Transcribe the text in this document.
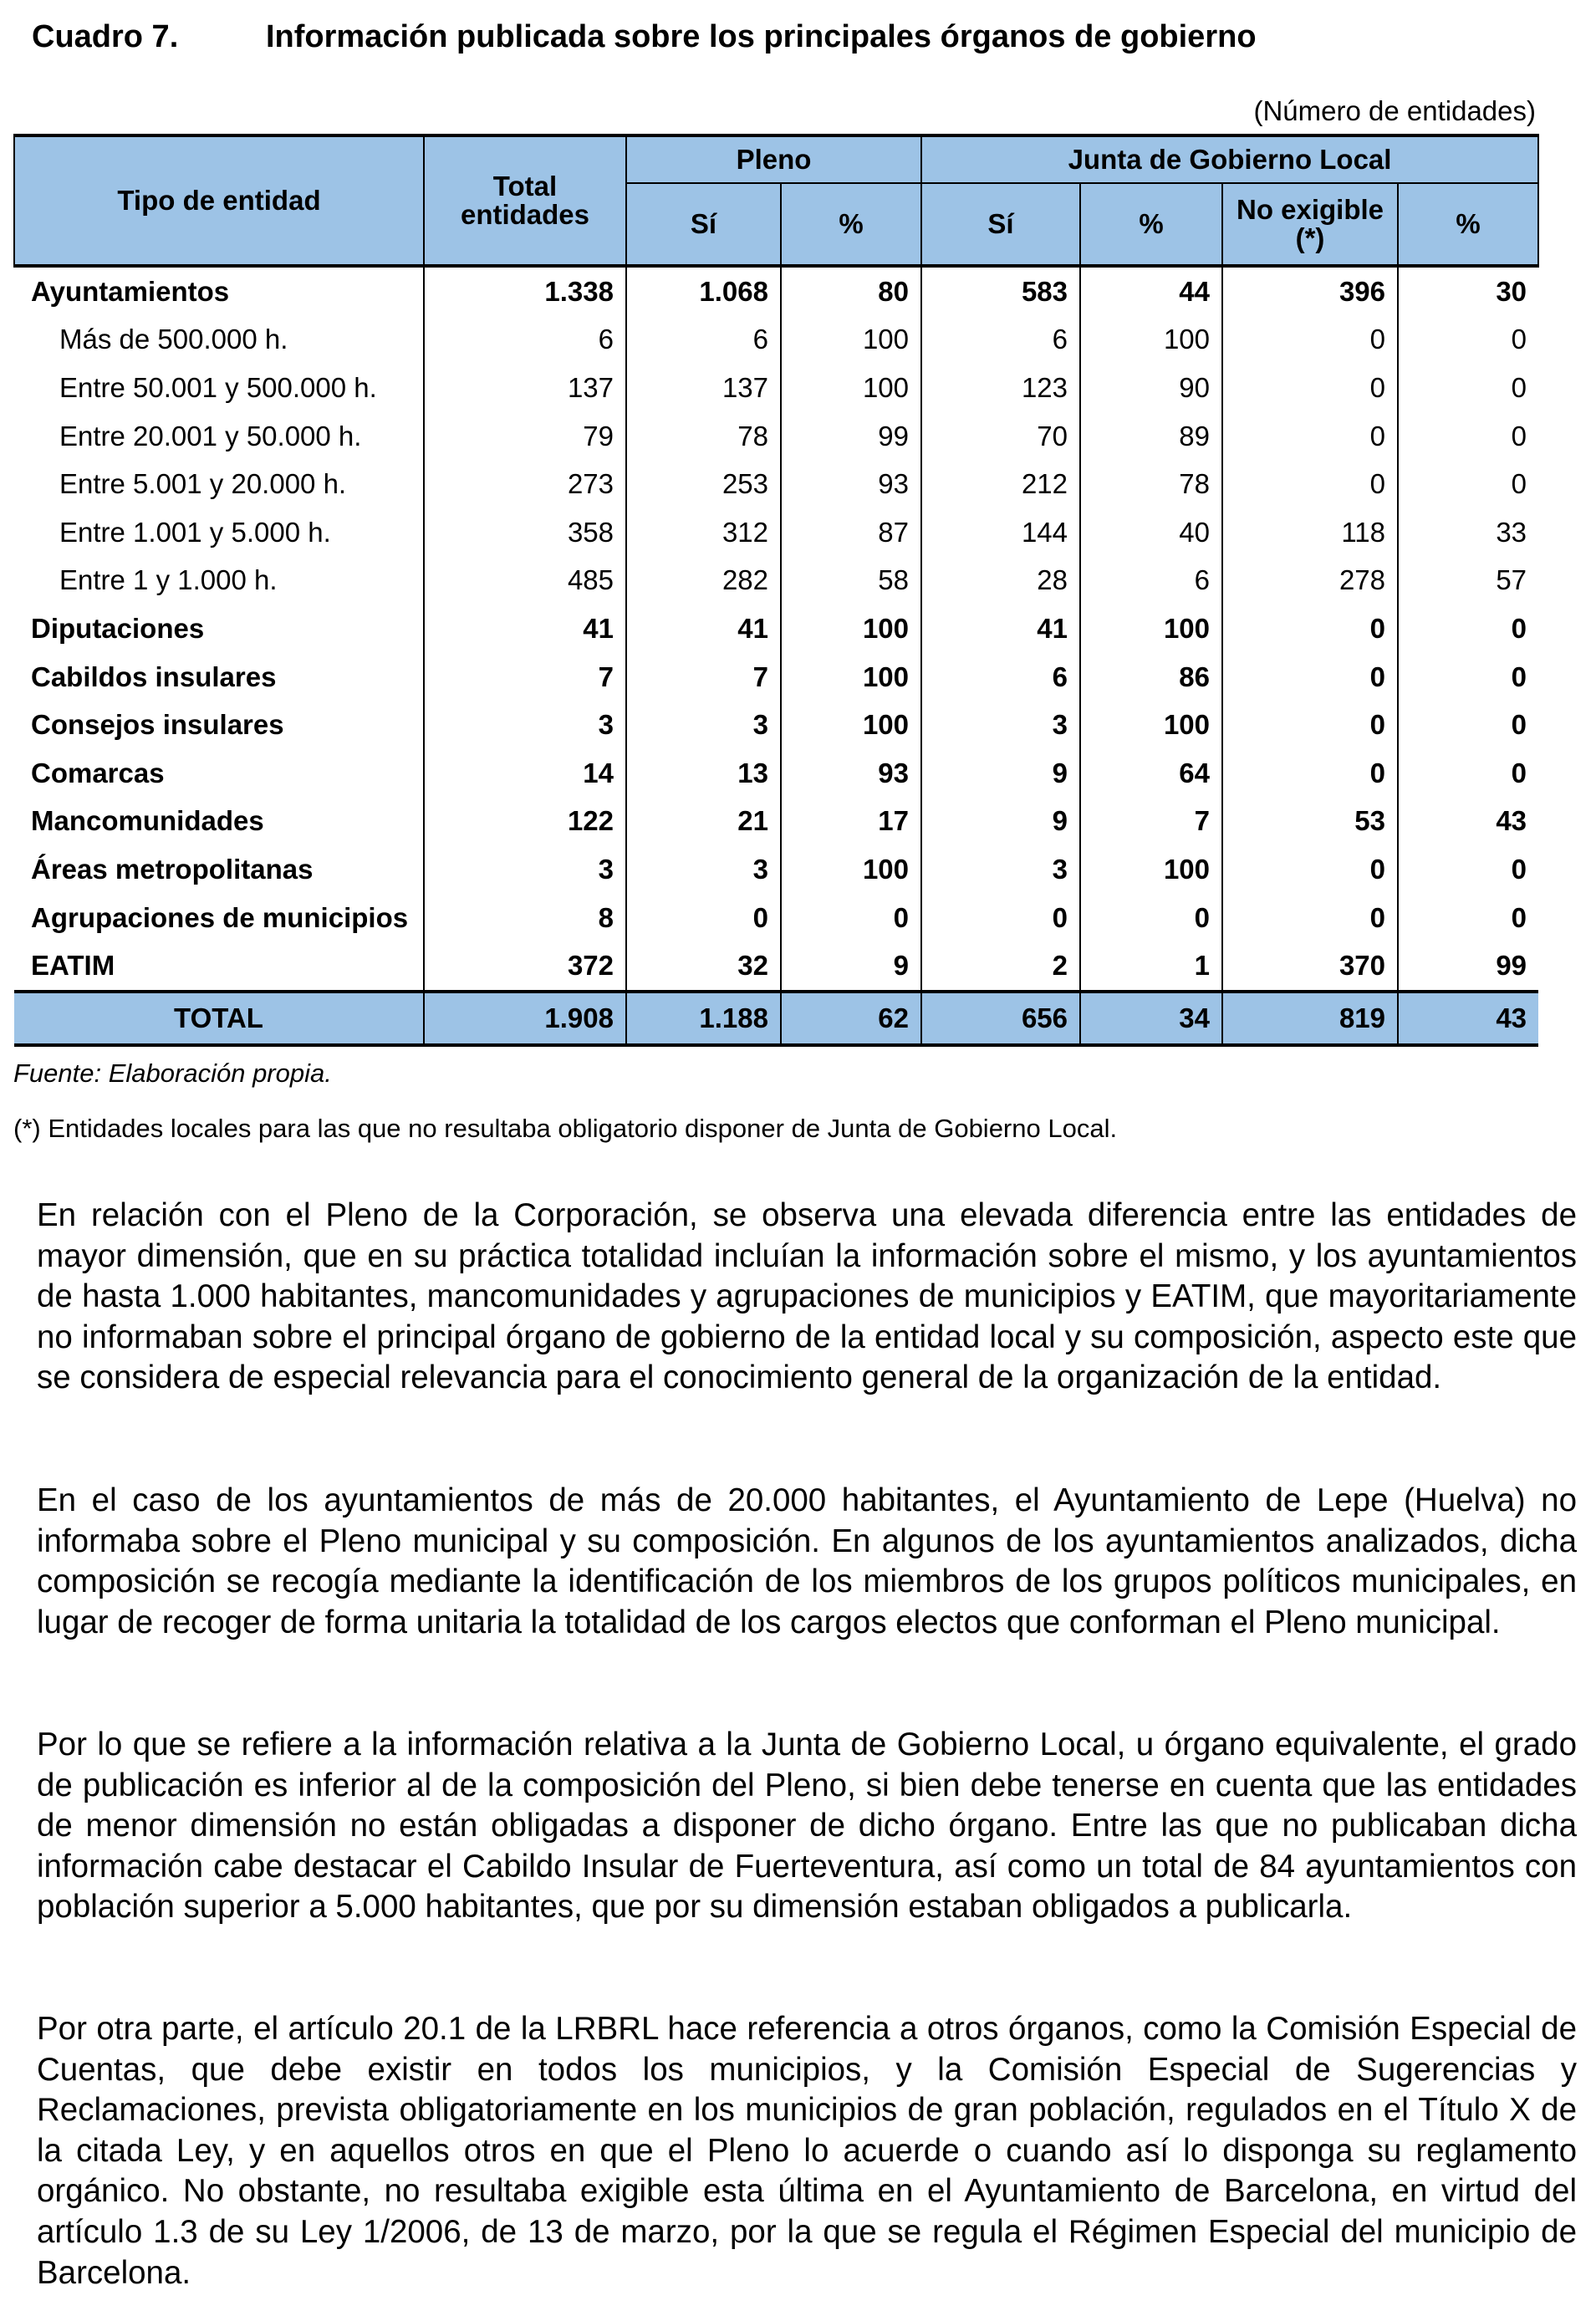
Cuadro 7.	Información publicada sobre los principales órganos de gobierno
(Número de entidades)
Tipo de entidad	Total entidades	Pleno		Junta de Gobierno Local			
		Sí	%	Sí	%	No exigible (*)	%
Ayuntamientos	1.338	1.068	80	583	44	396	30
Más de 500.000 h.	6	6	100	6	100	0	0
Entre 50.001 y 500.000 h.	137	137	100	123	90	0	0
Entre 20.001 y 50.000 h.	79	78	99	70	89	0	0
Entre 5.001 y 20.000 h.	273	253	93	212	78	0	0
Entre 1.001 y 5.000 h.	358	312	87	144	40	118	33
Entre 1 y 1.000 h.	485	282	58	28	6	278	57
Diputaciones	41	41	100	41	100	0	0
Cabildos insulares	7	7	100	6	86	0	0
Consejos insulares	3	3	100	3	100	0	0
Comarcas	14	13	93	9	64	0	0
Mancomunidades	122	21	17	9	7	53	43
Áreas metropolitanas	3	3	100	3	100	0	0
Agrupaciones de municipios	8	0	0	0	0	0	0
EATIM	372	32	9	2	1	370	99
TOTAL	1.908	1.188	62	656	34	819	43
Fuente: Elaboración propia.
(*) Entidades locales para las que no resultaba obligatorio disponer de Junta de Gobierno Local.

En relación con el Pleno de la Corporación, se observa una elevada diferencia entre las entidades de mayor dimensión, que en su práctica totalidad incluían la información sobre el mismo, y los ayuntamientos de hasta 1.000 habitantes, mancomunidades y agrupaciones de municipios y EATIM, que mayoritariamente no informaban sobre el principal órgano de gobierno de la entidad local y su composición, aspecto este que se considera de especial relevancia para el conocimiento general de la organización de la entidad.

En el caso de los ayuntamientos de más de 20.000 habitantes, el Ayuntamiento de Lepe (Huelva) no informaba sobre el Pleno municipal y su composición. En algunos de los ayuntamientos analizados, dicha composición se recogía mediante la identificación de los miembros de los grupos políticos municipales, en lugar de recoger de forma unitaria la totalidad de los cargos electos que conforman el Pleno municipal.

Por lo que se refiere a la información relativa a la Junta de Gobierno Local, u órgano equivalente, el grado de publicación es inferior al de la composición del Pleno, si bien debe tenerse en cuenta que las entidades de menor dimensión no están obligadas a disponer de dicho órgano. Entre las que no publicaban dicha información cabe destacar el Cabildo Insular de Fuerteventura, así como un total de 84 ayuntamientos con población superior a 5.000 habitantes, que por su dimensión estaban obligados a publicarla.

Por otra parte, el artículo 20.1 de la LRBRL hace referencia a otros órganos, como la Comisión Especial de Cuentas, que debe existir en todos los municipios, y la Comisión Especial de Sugerencias y Reclamaciones, prevista obligatoriamente en los municipios de gran población, regulados en el Título X de la citada Ley, y en aquellos otros en que el Pleno lo acuerde o cuando así lo disponga su reglamento orgánico. No obstante, no resultaba exigible esta última en el Ayuntamiento de Barcelona, en virtud del artículo 1.3 de su Ley 1/2006, de 13 de marzo, por la que se regula el Régimen Especial del municipio de Barcelona.
